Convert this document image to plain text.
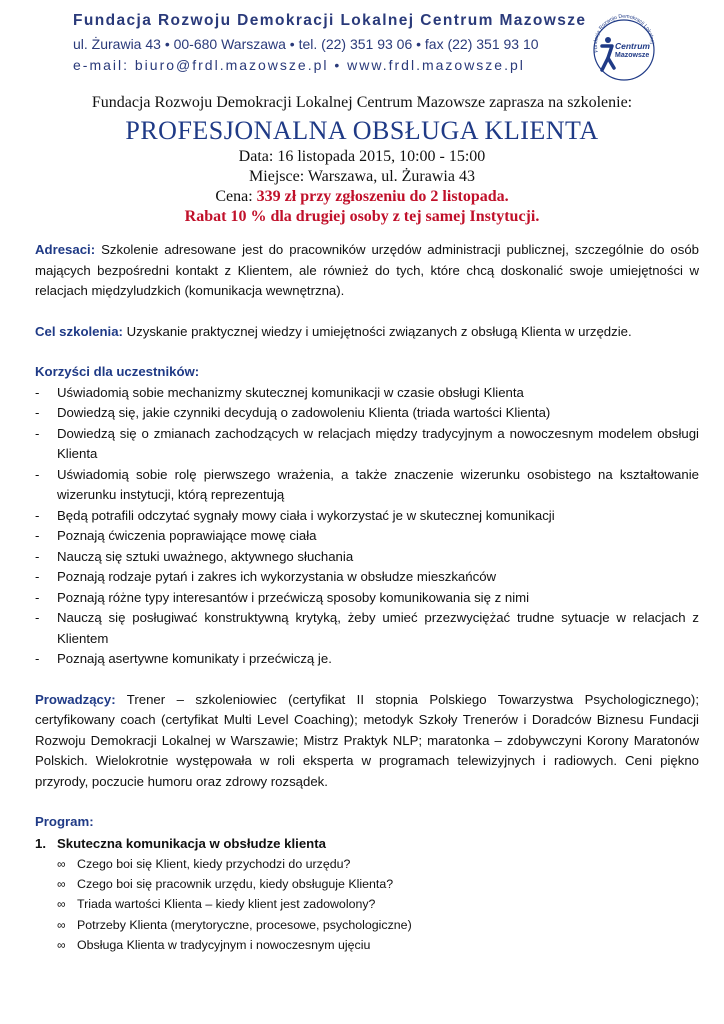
Fundacja Rozwoju Demokracji Lokalnej Centrum Mazowsze
ul. Żurawia 43 • 00-680 Warszawa • tel. (22) 351 93 06 • fax (22) 351 93 10
e-mail: biuro@frdl.mazowsze.pl • www.frdl.mazowsze.pl
Fundacja Rozwoju Demokracji Lokalnej
Centrum
Mazowsze
Fundacja Rozwoju Demokracji Lokalnej Centrum Mazowsze zaprasza na szkolenie:
PROFESJONALNA OBSŁUGA KLIENTA
Data: 16 listopada 2015, 10:00 - 15:00
Miejsce: Warszawa, ul. Żurawia 43
Cena: 339 zł przy zgłoszeniu do 2 listopada.
Rabat 10 % dla drugiej osoby z tej samej Instytucji.

Adresaci: Szkolenie adresowane jest do pracowników urzędów administracji publicznej, szczególnie do osób mających bezpośredni kontakt z Klientem, ale również do tych, które chcą doskonalić swoje umiejętności w relacjach międzyludzkich (komunikacja wewnętrzna).

Cel szkolenia: Uzyskanie praktycznej wiedzy i umiejętności związanych z obsługą Klienta w urzędzie.

Korzyści dla uczestników:
- Uświadomią sobie mechanizmy skutecznej komunikacji w czasie obsługi Klienta
- Dowiedzą się, jakie czynniki decydują o zadowoleniu Klienta (triada wartości Klienta)
- Dowiedzą się o zmianach zachodzących w relacjach między tradycyjnym a nowoczesnym modelem obsługi Klienta
- Uświadomią sobie rolę pierwszego wrażenia, a także znaczenie wizerunku osobistego na kształtowanie wizerunku instytucji, którą reprezentują
- Będą potrafili odczytać sygnały mowy ciała i wykorzystać je w skutecznej komunikacji
- Poznają ćwiczenia poprawiające mowę ciała
- Nauczą się sztuki uważnego, aktywnego słuchania
- Poznają rodzaje pytań i zakres ich wykorzystania w obsłudze mieszkańców
- Poznają różne typy interesantów i przećwiczą sposoby komunikowania się z nimi
- Nauczą się posługiwać konstruktywną krytyką, żeby umieć przezwyciężać trudne sytuacje w relacjach z Klientem
- Poznają asertywne komunikaty i przećwiczą je.

Prowadzący: Trener – szkoleniowiec (certyfikat II stopnia Polskiego Towarzystwa Psychologicznego); certyfikowany coach (certyfikat Multi Level Coaching); metodyk Szkoły Trenerów i Doradców Biznesu Fundacji Rozwoju Demokracji Lokalnej w Warszawie; Mistrz Praktyk NLP; maratonka – zdobywczyni Korony Maratonów Polskich. Wielokrotnie występowała w roli eksperta w programach telewizyjnych i radiowych. Ceni piękno przyrody, poczucie humoru oraz zdrowy rozsądek.

Program:
1. Skuteczna komunikacja w obsłudze klienta
∞ Czego boi się Klient, kiedy przychodzi do urzędu?
∞ Czego boi się pracownik urzędu, kiedy obsługuje Klienta?
∞ Triada wartości Klienta – kiedy klient jest zadowolony?
∞ Potrzeby Klienta (merytoryczne, procesowe, psychologiczne)
∞ Obsługa Klienta w tradycyjnym i nowoczesnym ujęciu
